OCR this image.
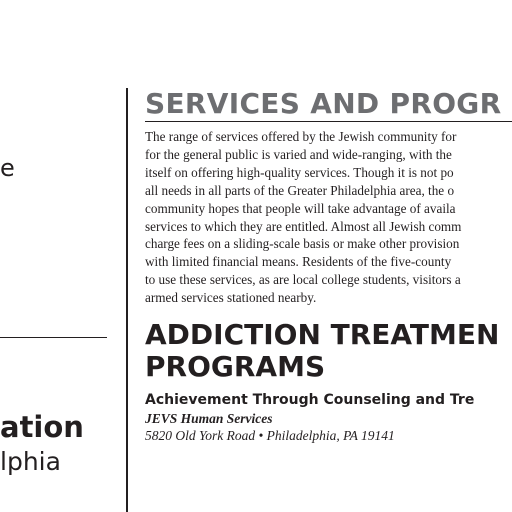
e

ation

lphia

SERVICES AND PROGR

The range of services offered by the Jewish community for
for the general public is varied and wide-ranging, with the
itself on offering high-quality services. Though it is not po
all needs in all parts of the Greater Philadelphia area, the o
community hopes that people will take advantage of availa
services to which they are entitled. Almost all Jewish comm
charge fees on a sliding-scale basis or make other provision
with limited financial means. Residents of the five-county
to use these services, as are local college students, visitors a
armed services stationed nearby.

ADDICTION TREATMEN
PROGRAMS
Achievement Through Counseling and Tre

JEVS Human Services

5820 Old York Road • Philadelphia, PA 19141
